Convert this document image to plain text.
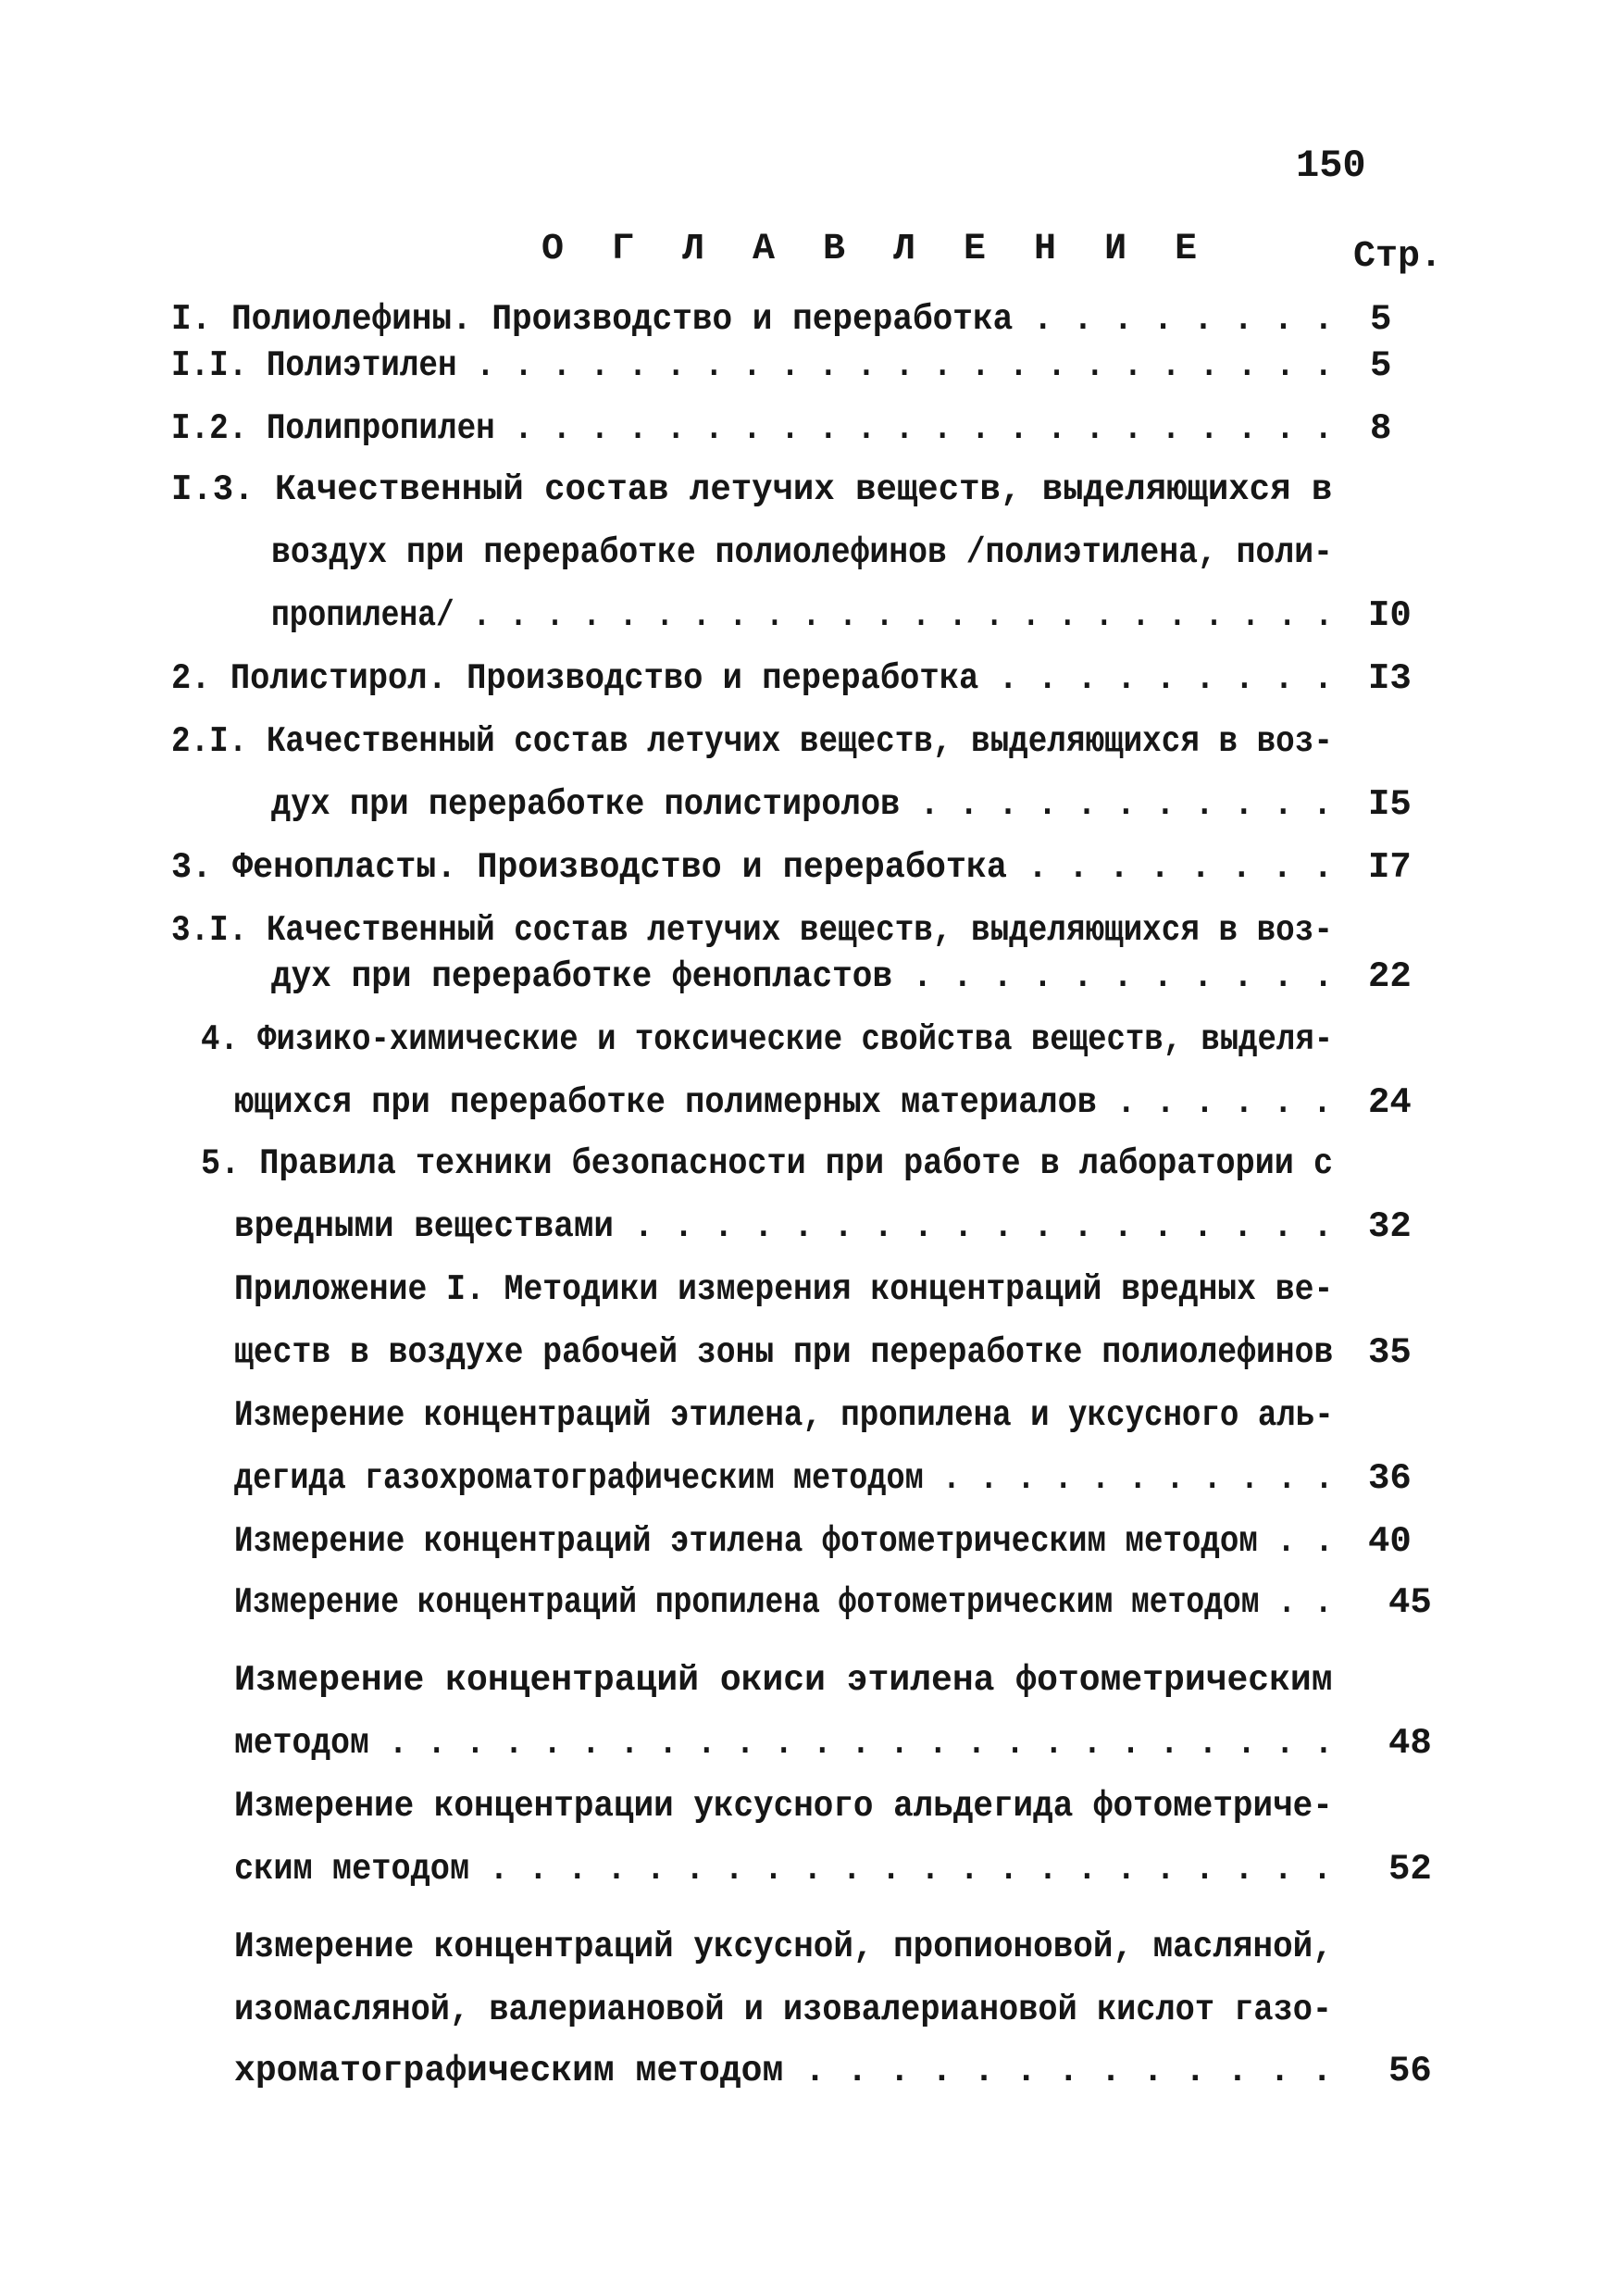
150
О Г Л А В Л Е Н И Е	Стр.
I. Полиолефины. Производство и переработка . . . . . . . . 5
I.I. Полиэтилен . . . . . . . . . . . . . . . . . . . . . . . 5
I.2. Полипропилен . . . . . . . . . . . . . . . . . . . . . . 8
I.3. Качественный состав летучих веществ, выделяющихся в
воздух при переработке полиолефинов /полиэтилена, поли-
пропилена/ . . . . . . . . . . . . . . . . . . . . . . . . I0
2. Полистирол. Производство и переработка . . . . . . . . . I3
2.I. Качественный состав летучих веществ, выделяющихся в воз-
дух при переработке полистиролов . . . . . . . . . . . I5
3. Фенопласты. Производство и переработка . . . . . . . . I7
3.I. Качественный состав летучих веществ, выделяющихся в воз-
дух при переработке фенопластов . . . . . . . . . . . 22
4. Физико-химические и токсические свойства веществ, выделя-
ющихся при переработке полимерных материалов . . . . . . 24
5. Правила техники безопасности при работе в лаборатории с
вредными веществами . . . . . . . . . . . . . . . . . . 32
Приложение I. Методики измерения концентраций вредных ве-
ществ в воздухе рабочей зоны при переработке полиолефинов 35
Измерение концентраций этилена, пропилена и уксусного аль-
дегида газохроматографическим методом . . . . . . . . . . . 36
Измерение концентраций этилена фотометрическим методом . . 40
Измерение концентраций пропилена фотометрическим методом . . 45
Измерение концентраций окиси этилена фотометрическим
методом . . . . . . . . . . . . . . . . . . . . . . . . . 48
Измерение концентрации уксусного альдегида фотометриче-
ским методом . . . . . . . . . . . . . . . . . . . . . . 52
Измерение концентраций уксусной, пропионовой, масляной,
изомасляной, валериановой и изовалериановой кислот газо-
хроматографическим методом . . . . . . . . . . . . . 56
